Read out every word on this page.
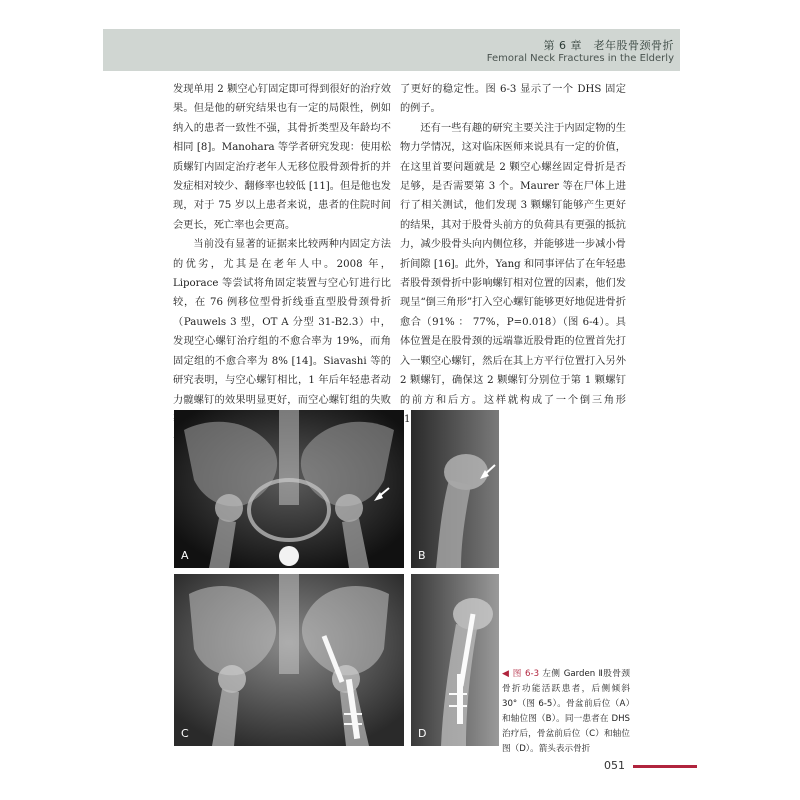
第 6 章　老年股骨颈骨折
Femoral Neck Fractures in the Elderly

发现单用 2 颗空心钉固定即可得到很好的治疗效果。但是他的研究结果也有一定的局限性，例如纳入的患者一致性不强，其骨折类型及年龄均不相同 [8]。Manohara 等学者研究发现：使用松质螺钉内固定治疗老年人无移位股骨颈骨折的并发症相对较少、翻修率也较低 [11]。但是他也发现，对于 75 岁以上患者来说，患者的住院时间会更长，死亡率也会更高。

当前没有显著的证据来比较两种内固定方法的优劣，尤其是在老年人中。2008 年，Liporace 等尝试将角固定装置与空心钉进行比较，在 76 例移位型骨折线垂直型股骨颈骨折（Pauwels 3 型，OT A 分型 31-B2.3）中，发现空心螺钉治疗组的不愈合率为 19%，而角固定组的不愈合率为 8% [14]。Siavashi 等的研究表明，与空心螺钉相比，1 年后年轻患者动力髋螺钉的效果明显更好，而空心螺钉组的失败

了更好的稳定性。图 6-3 显示了一个 DHS 固定的例子。

还有一些有趣的研究主要关注于内固定物的生物力学情况，这对临床医师来说具有一定的价值，在这里首要问题就是 2 颗空心螺丝固定骨折是否足够，是否需要第 3 个。Maurer 等在尸体上进行了相关测试，他们发现 3 颗螺钉能够产生更好的结果，其对于股骨头前方的负荷具有更强的抵抗力，减少股骨头向内侧位移，并能够进一步减小骨折间隙 [16]。此外，Yang 和同事评估了在年轻患者股骨颈骨折中影响螺钉相对位置的因素，他们发现呈“倒三角形”打入空心螺钉能够更好地促进骨折愈合（91% ： 77%，P=0.018）（图 6-4）。具体位置是在股骨颈的远端靠近股骨距的位置首先打入一颗空心螺钉，然后在其上方平行位置打入另外 2 颗螺钉，确保这 2 颗螺钉分别位于第 1 颗螺钉的前方和后方。这样就构成了一个倒三角形

A	B
C	D
◀ 图 6-3 左侧 Garden Ⅱ股骨颈骨折功能活跃患者，后侧倾斜 30°（图 6-5）。骨盆前后位（A）和轴位图（B）。同一患者在 DHS 治疗后，骨盆前后位（C）和轴位图（D）。箭头表示骨折
051
